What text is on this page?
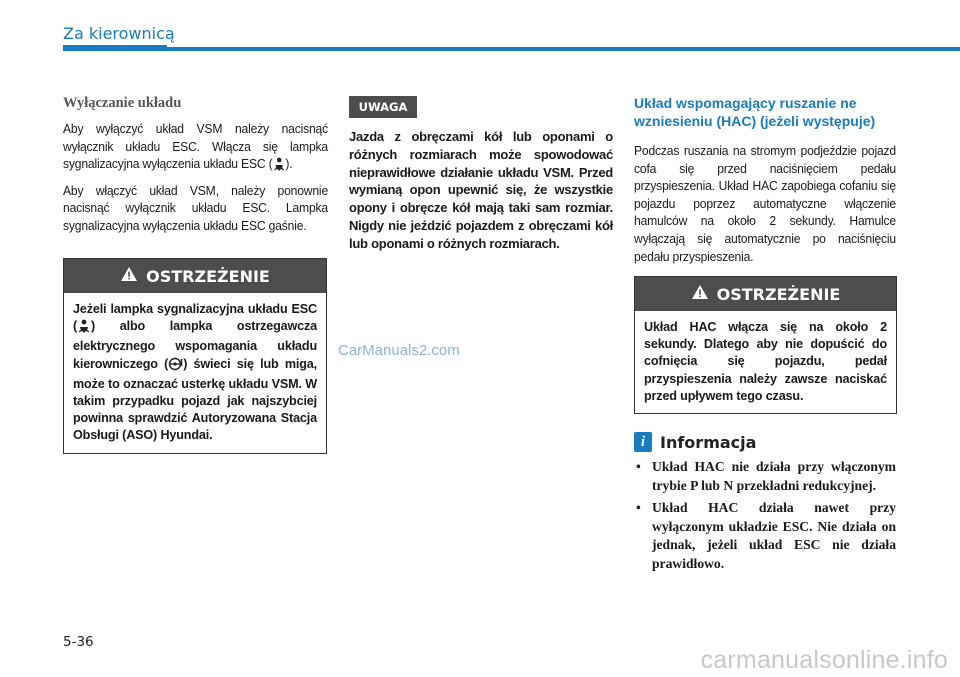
Za kierownicą
Wyłączanie układu

Aby wyłączyć układ VSM należy nacisnąć wyłącznik układu ESC. Włącza się lampka sygnalizacyjna wyłączenia układu ESC ( ).

Aby włączyć układ VSM, należy ponownie nacisnąć wyłącznik układu ESC. Lampka sygnalizacyjna wyłączenia układu ESC gaśnie.

OSTRZEŻENIE
Jeżeli lampka sygnalizacyjna układu ESC ( ) albo lampka ostrzegawcza elektrycznego wspomagania układu kierowniczego ( ) świeci się lub miga, może to oznaczać usterkę układu VSM. W takim przypadku pojazd jak najszybciej powinna sprawdzić Autoryzowana Stacja Obsługi (ASO) Hyundai.
CarManuals2.com
UWAGA
Jazda z obręczami kół lub oponami o różnych rozmiarach może spowodować nieprawidłowe działanie układu VSM. Przed wymianą opon upewnić się, że wszystkie opony i obręcze kół mają taki sam rozmiar. Nigdy nie jeździć pojazdem z obręczami kół lub oponami o różnych rozmiarach.
Układ wspomagający ruszanie ne wzniesieniu (HAC) (jeżeli występuje)

Podczas ruszania na stromym podjeździe pojazd cofa się przed naciśnięciem pedału przyspieszenia. Układ HAC zapobiega cofaniu się pojazdu poprzez automatyczne włączenie hamulców na około 2 sekundy. Hamulce wyłączają się automatycznie po naciśnięciu pedału przyspieszenia.

OSTRZEŻENIE
Układ HAC włącza się na około 2 sekundy. Dlatego aby nie dopuścić do cofnięcia się pojazdu, pedał przyspieszenia należy zawsze naciskać przed upływem tego czasu.
i Informacja
• Układ HAC nie działa przy włączonym trybie P lub N przekładni redukcyjnej.
• Układ HAC działa nawet przy wyłączonym układzie ESC. Nie działa on jednak, jeżeli układ ESC nie działa prawidłowo.
5-36
carmanualsonline.info
